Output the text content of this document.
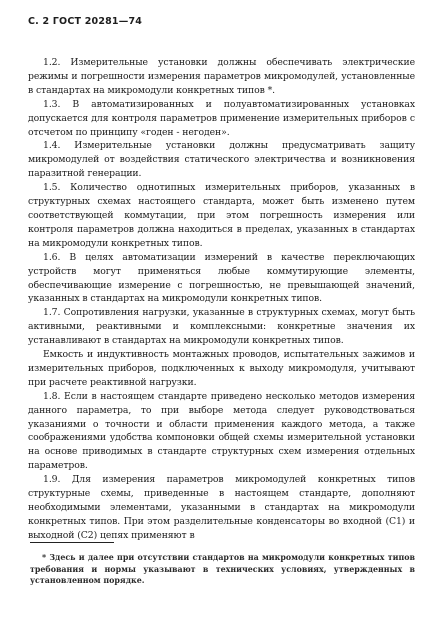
С. 2 ГОСТ 20281—74

1.2. Измерительные установки должны обеспечивать электрические режимы и погрешности измерения параметров микромодулей, установленные в стандартах на микромодули конкретных типов *.

1.3. В автоматизированных и полуавтоматизированных установках допускается для контроля параметров применение измерительных приборов с отсчетом по принципу «годен - негоден».

1.4. Измерительные установки должны предусматривать защиту микромодулей от воздействия статического электричества и возникновения паразитной генерации.

1.5. Количество однотипных измерительных приборов, указанных в структурных схемах настоящего стандарта, может быть изменено путем соответствующей коммутации, при этом погрешность измерения или контроля параметров должна находиться в пределах, указанных в стандартах на микромодули конкретных типов.

1.6. В целях автоматизации измерений в качестве переключающих устройств могут применяться любые коммутирующие элементы, обеспечивающие измерение с погрешностью, не превышающей значений, указанных в стандартах на микромодули конкретных типов.

1.7. Сопротивления нагрузки, указанные в структурных схемах, могут быть активными, реактивными и комплексными: конкретные значения их устанавливают в стандартах на микромодули конкретных типов.

Емкость и индуктивность монтажных проводов, испытательных зажимов и измерительных приборов, подключенных к выходу микромодуля, учитывают при расчете реактивной нагрузки.

1.8. Если в настоящем стандарте приведено несколько методов измерения данного параметра, то при выборе метода следует руководствоваться указаниями о точности и области применения каждого метода, а также соображениями удобства компоновки общей схемы измерительной установки на основе приводимых в стандарте структурных схем измерения отдельных параметров.

1.9. Для измерения параметров микромодулей конкретных типов структурные схемы, приведенные в настоящем стандарте, дополняют необходимыми элементами, указанными в стандартах на микромодули конкретных типов. При этом разделительные конденсаторы во входной (С1) и выходной (С2) цепях применяют в

* Здесь и далее при отсутствии стандартов на микромодули конкретных типов требования и нормы указывают в технических условиях, утвержденных в установленном порядке.
